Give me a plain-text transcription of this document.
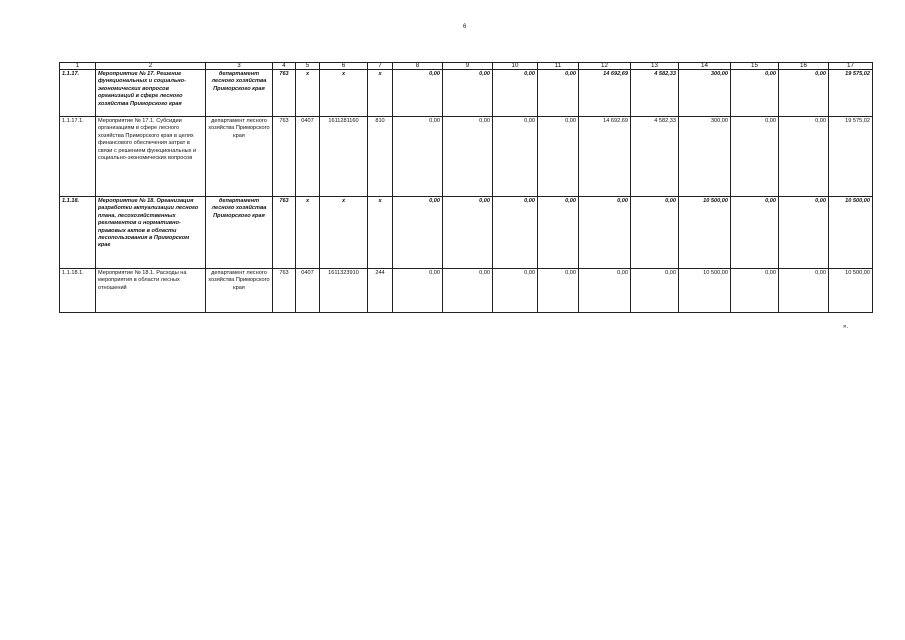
6
1	2	3	4	5	6	7	8	9	10	11	12	13	14	15	16	17
1.1.17.	Мероприятие № 17. Решение функциональных и социально-экономических вопросов организаций в сфере лесного хозяйства Приморского края	департамент лесного хозяйства Приморского края	763	x	x	x	0,00	0,00	0,00	0,00	14 692,69	4 582,33	300,00	0,00	0,00	19 575,02
1.1.17.1.	Мероприятие № 17.1. Субсидии организациям в сфере лесного хозяйства Приморского края в целях финансового обеспечения затрат в связи с решением функциональных и социально-экономических вопросов	департамент лесного хозяйства Приморского края	763	0407	1611281160	810	0,00	0,00	0,00	0,00	14 692,69	4 582,33	300,00	0,00	0,00	19 575,02
1.1.18.	Мероприятие № 18. Организация разработки актуализации лесного плана, лесохозяйственных регламентов и нормативно-правовых актов в области лесопользования в Приморском крае	департамент лесного хозяйства Приморского края	763	x	x	x	0,00	0,00	0,00	0,00	0,00	0,00	10 500,00	0,00	0,00	10 500,00
1.1.18.1.	Мероприятие № 18.1. Расходы на мероприятия в области лесных отношений	департамент лесного хозяйства Приморского края	763	0407	1611323910	244	0,00	0,00	0,00	0,00	0,00	0,00	10 500,00	0,00	0,00	10 500,00
».
